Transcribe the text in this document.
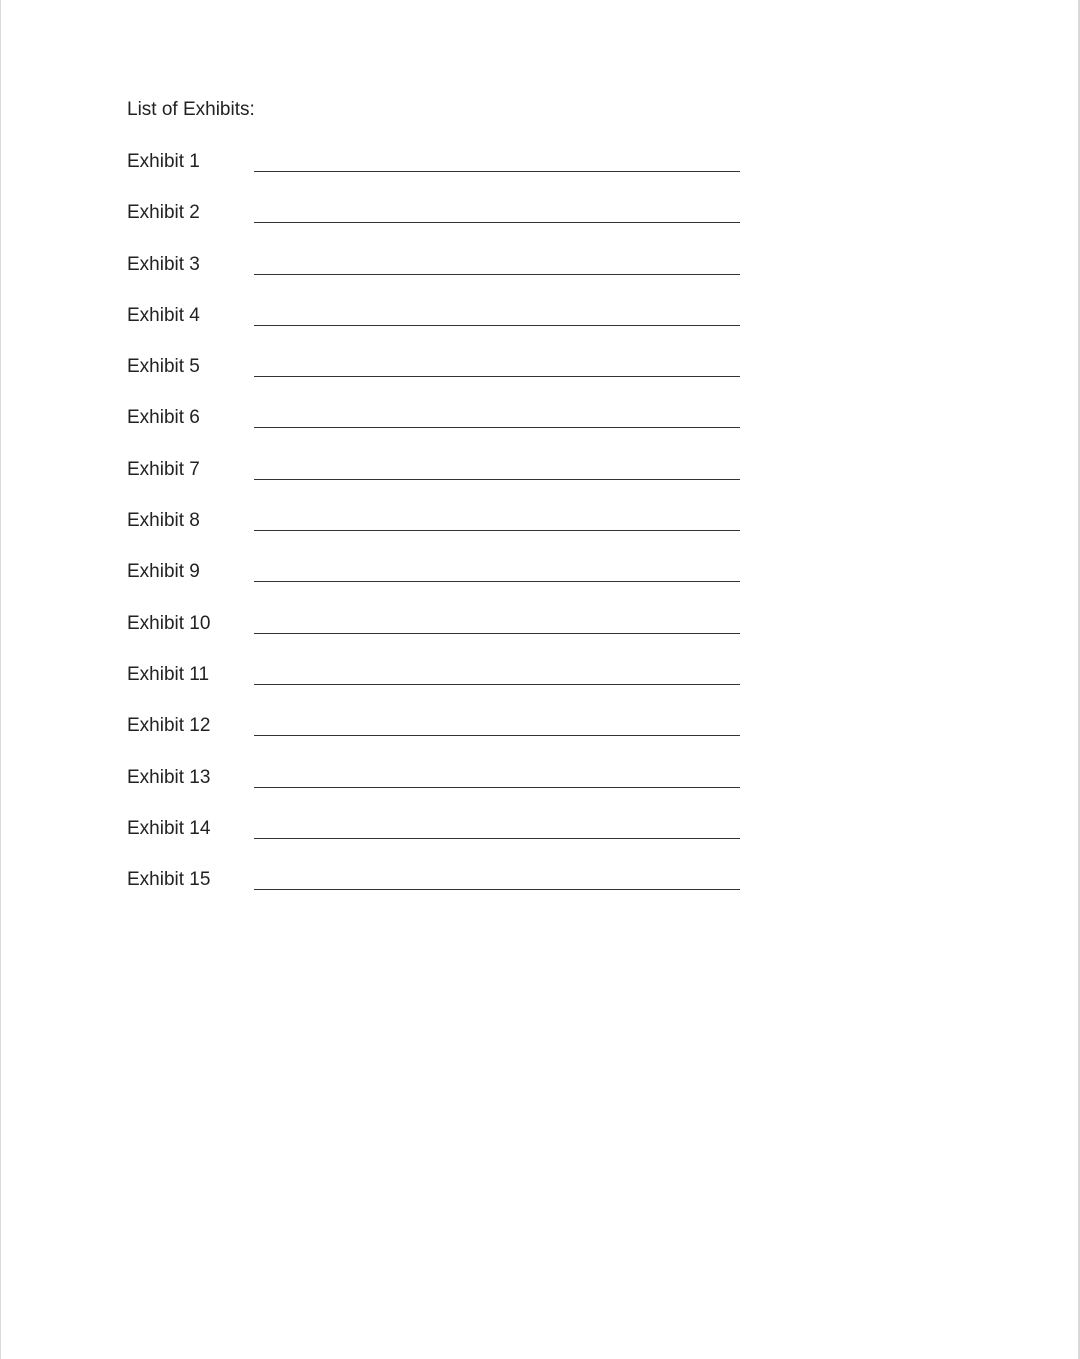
List of Exhibits:
Exhibit 1
Exhibit 2
Exhibit 3
Exhibit 4
Exhibit 5
Exhibit 6
Exhibit 7
Exhibit 8
Exhibit 9
Exhibit 10
Exhibit 11
Exhibit 12
Exhibit 13
Exhibit 14
Exhibit 15
